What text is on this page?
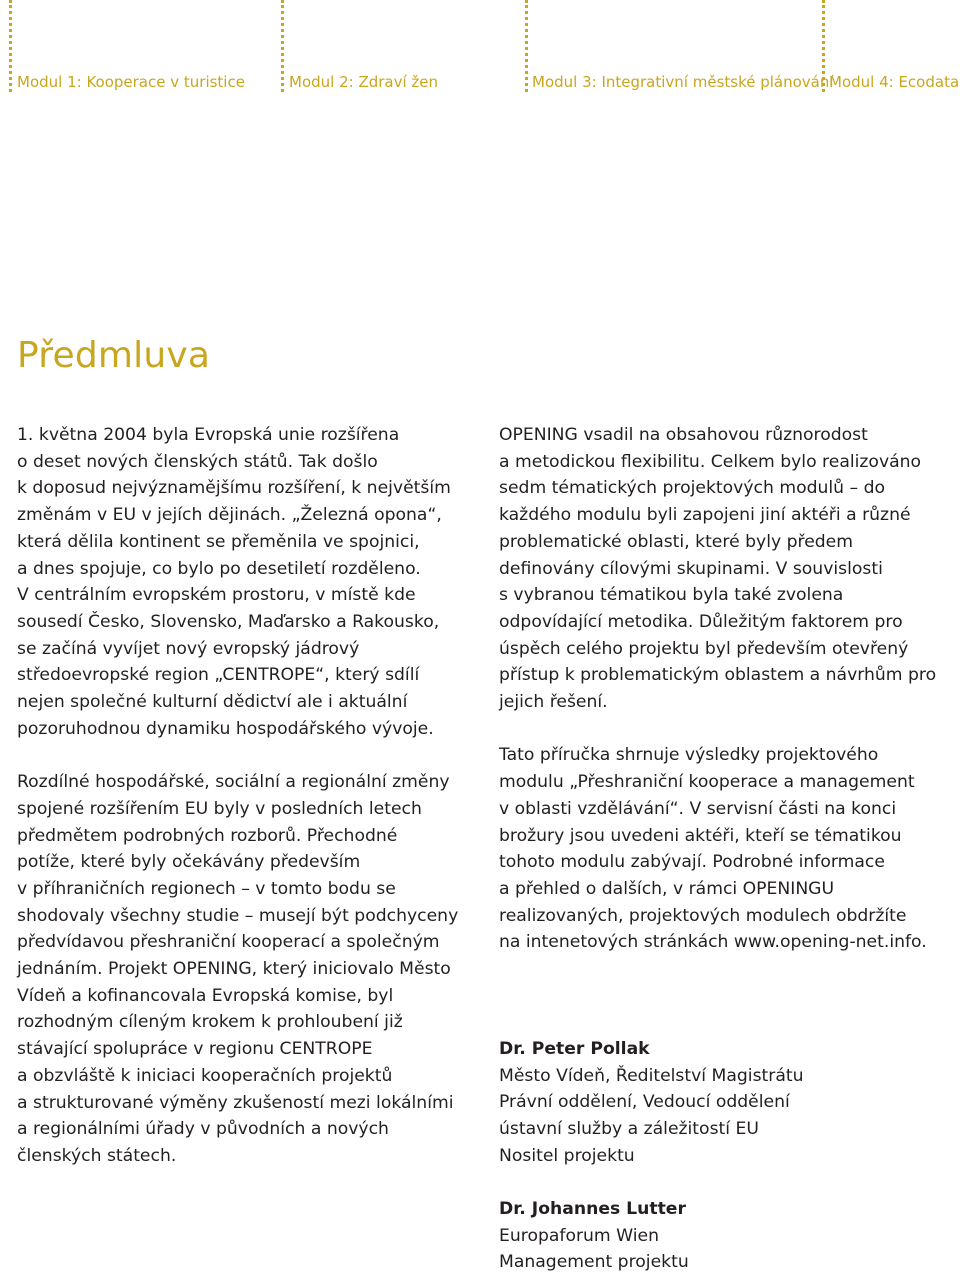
Modul 1: Kooperace v turistice	Modul 2: Zdraví žen	Modul 3: Integrativní městské plánování
Modul 4: Ecodata
Předmluva

1. května 2004 byla Evropská unie rozšířena

o deset nových členských států. Tak došlo

k doposud nejvýznamějšímu rozšíření, k největším

změnám v EU v jejích dějinách. „Železná opona“,

která dělila kontinent se přeměnila ve spojnici,

a dnes spojuje, co bylo po desetiletí rozděleno.

V centrálním evropském prostoru, v místě kde

sousedí Česko, Slovensko, Maďarsko a Rakousko,

se začíná vyvíjet nový evropský jádrový

středoevropské region „CENTROPE“, který sdílí

nejen společné kulturní dědictví ale i aktuální

pozoruhodnou dynamiku hospodářského vývoje.

Rozdílné hospodářské, sociální a regionální změny

spojené rozšířením EU byly v posledních letech

předmětem podrobných rozborů. Přechodné

potíže, které byly očekávány především

v příhraničních regionech – v tomto bodu se

shodovaly všechny studie – musejí být podchyceny

předvídavou přeshraniční kooperací a společným

jednáním. Projekt OPENING, který iniciovalo Město

Vídeň a kofinancovala Evropská komise, byl

rozhodným cíleným krokem k prohloubení již

stávající spolupráce v regionu CENTROPE

a obzvláště k iniciaci kooperačních projektů

a strukturované výměny zkušeností mezi lokálními

a regionálními úřady v původních a nových

členských státech.

OPENING vsadil na obsahovou různorodost

a metodickou flexibilitu. Celkem bylo realizováno

sedm tématických projektových modulů – do

každého modulu byli zapojeni jiní aktéři a různé

problematické oblasti, které byly předem

definovány cílovými skupinami. V souvislosti

s vybranou tématikou byla také zvolena

odpovídající metodika. Důležitým faktorem pro

úspěch celého projektu byl především otevřený

přístup k problematickým oblastem a návrhům pro

jejich řešení.

Tato příručka shrnuje výsledky projektového

modulu „Přeshraniční kooperace a management

v oblasti vzdělávání“. V servisní části na konci

brožury jsou uvedeni aktéři, kteří se tématikou

tohoto modulu zabývají. Podrobné informace

a přehled o dalších, v rámci OPENINGU

realizovaných, projektových modulech obdržíte

na intenetových stránkách www.opening-net.info.

Dr. Peter Pollak

Město Vídeň, Ředitelství Magistrátu

Právní oddělení, Vedoucí oddělení

ústavní služby a záležitostí EU

Nositel projektu

Dr. Johannes Lutter

Europaforum Wien

Management projektu
